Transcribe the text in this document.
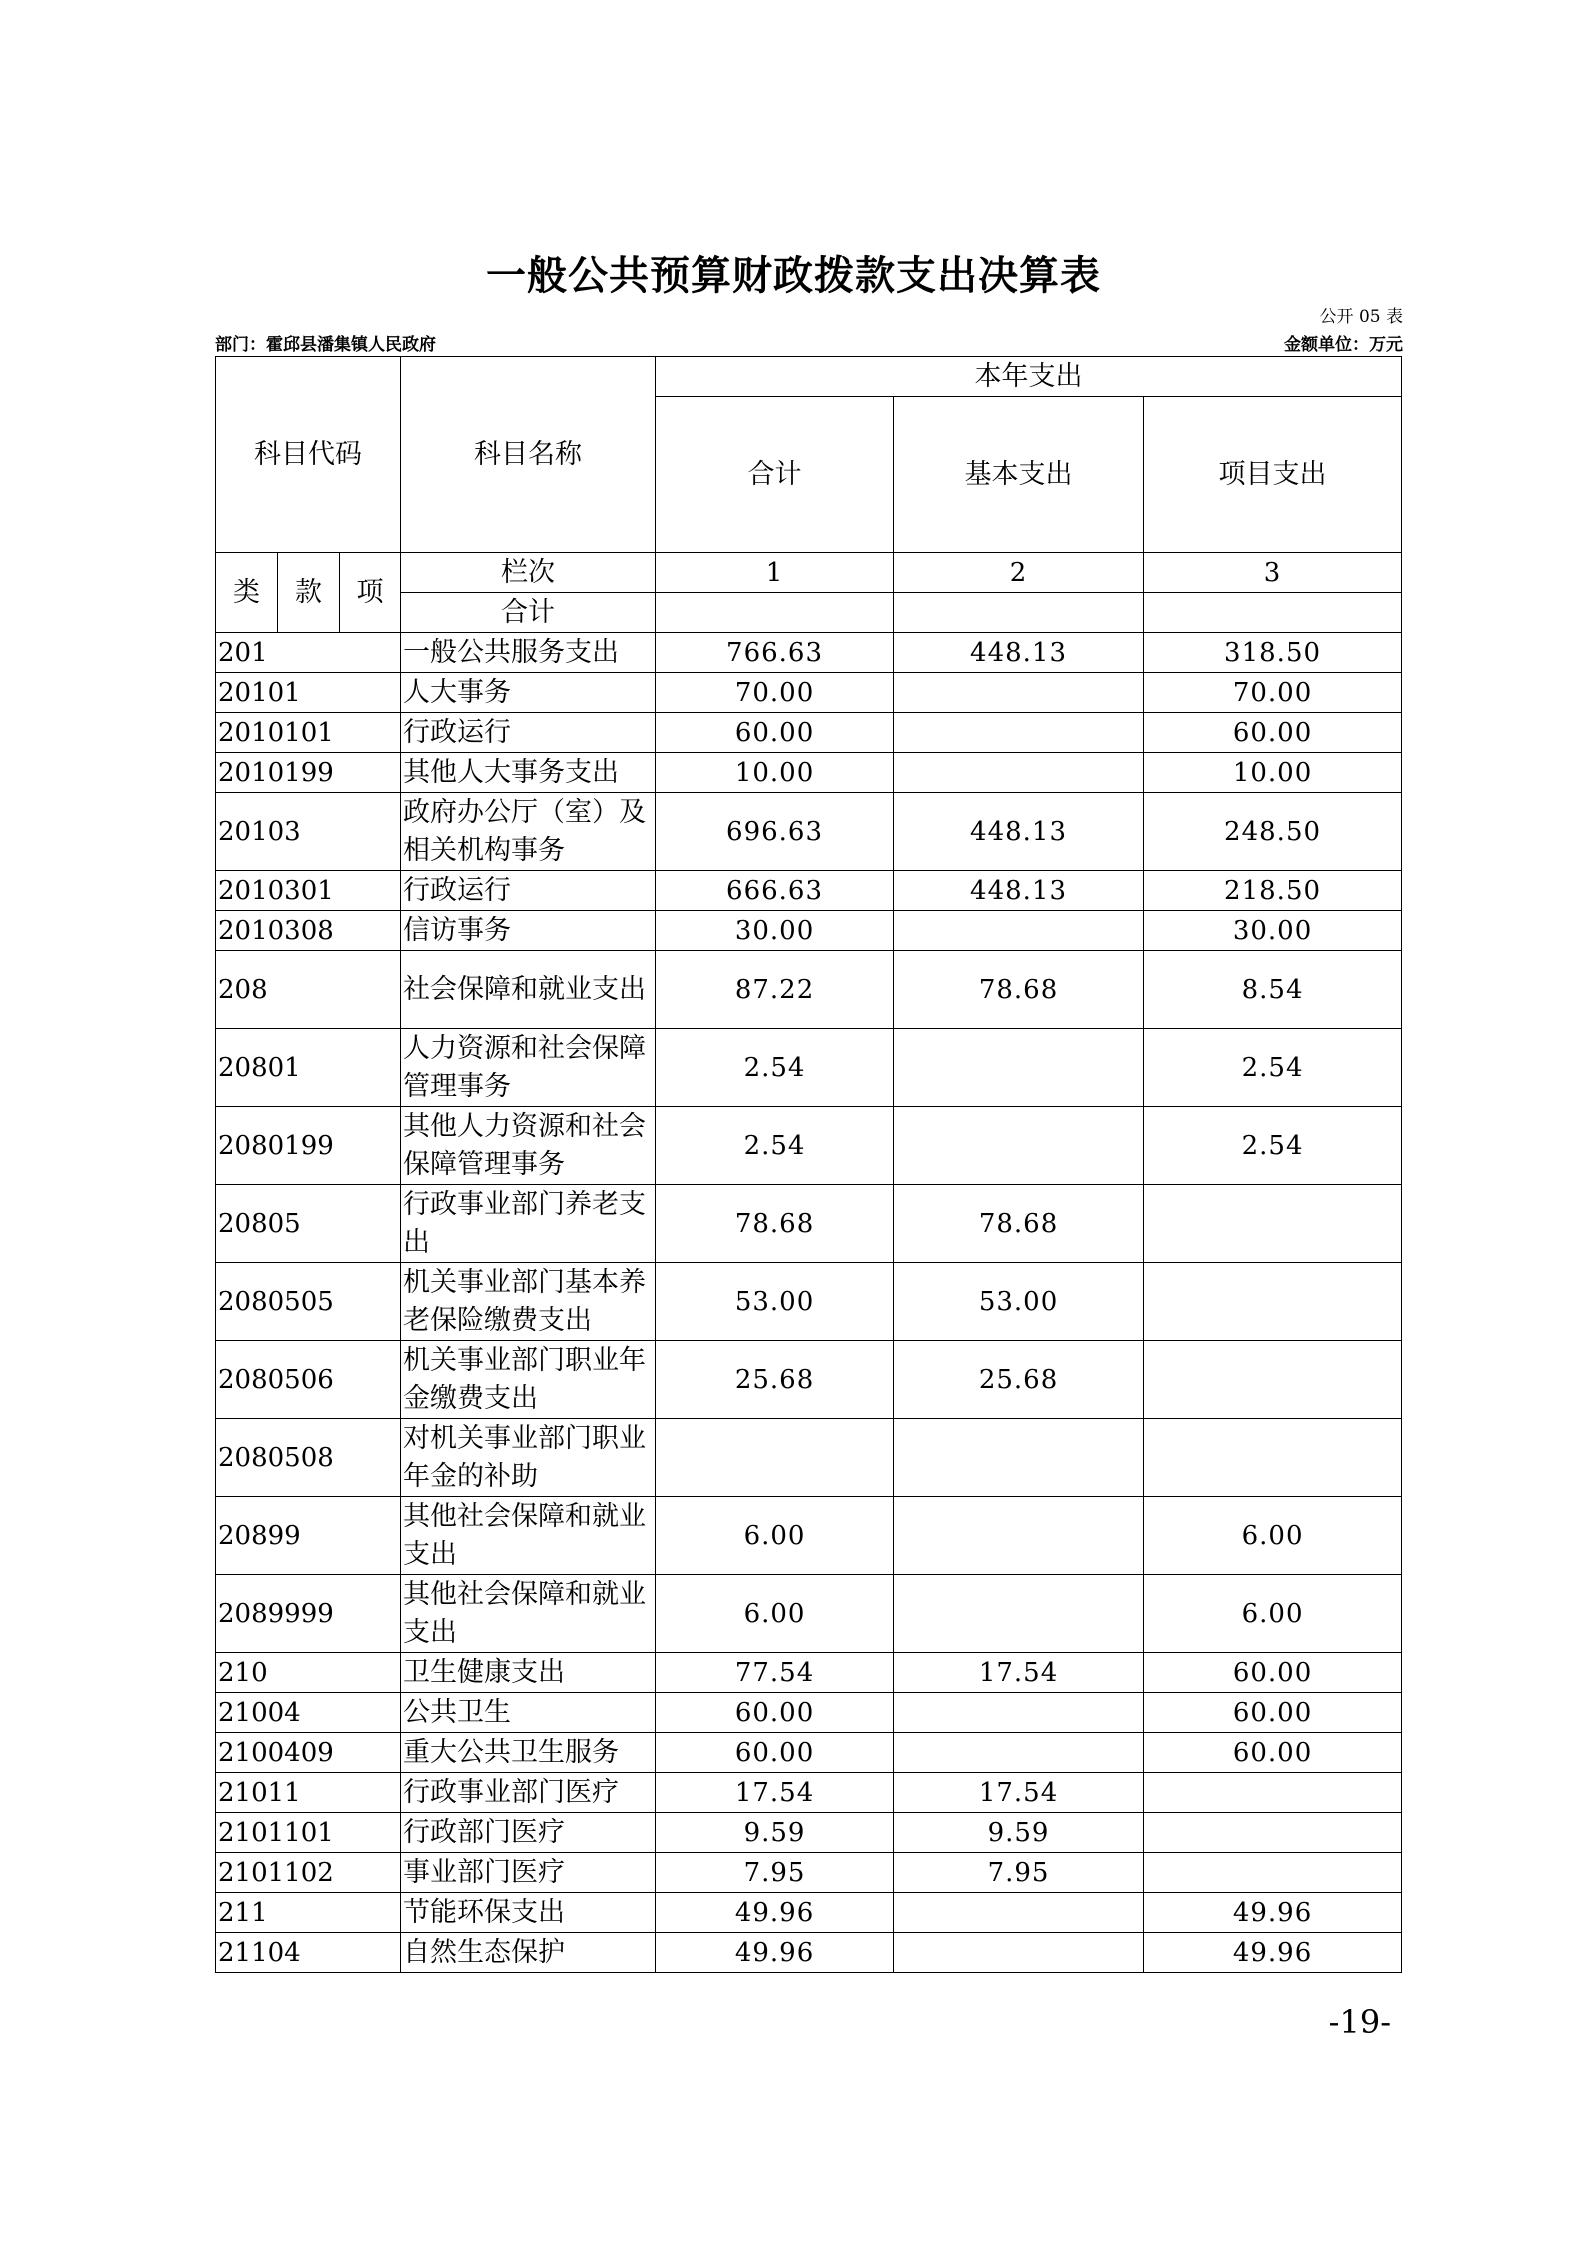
一般公共预算财政拨款支出决算表
公开 05 表
部门：霍邱县潘集镇人民政府	金额单位：万元
科目代码			科目名称	本年支出		
				合计	基本支出	项目支出
类	款	项	栏次	1	2	3
			合计			
201			一般公共服务支出	766.63	448.13	318.50
20101			人大事务	70.00		70.00
2010101			行政运行	60.00		60.00
2010199			其他人大事务支出	10.00		10.00
20103			政府办公厅（室）及相关机构事务	696.63	448.13	248.50
2010301			行政运行	666.63	448.13	218.50
2010308			信访事务	30.00		30.00
208			社会保障和就业支出	87.22	78.68	8.54
20801			人力资源和社会保障管理事务	2.54		2.54
2080199			其他人力资源和社会保障管理事务	2.54		2.54
20805			行政事业部门养老支出	78.68	78.68	
2080505			机关事业部门基本养老保险缴费支出	53.00	53.00	
2080506			机关事业部门职业年金缴费支出	25.68	25.68	
2080508			对机关事业部门职业年金的补助			
20899			其他社会保障和就业支出	6.00		6.00
2089999			其他社会保障和就业支出	6.00		6.00
210			卫生健康支出	77.54	17.54	60.00
21004			公共卫生	60.00		60.00
2100409			重大公共卫生服务	60.00		60.00
21011			行政事业部门医疗	17.54	17.54	
2101101			行政部门医疗	9.59	9.59	
2101102			事业部门医疗	7.95	7.95	
211			节能环保支出	49.96		49.96
21104			自然生态保护	49.96		49.96
-19-
